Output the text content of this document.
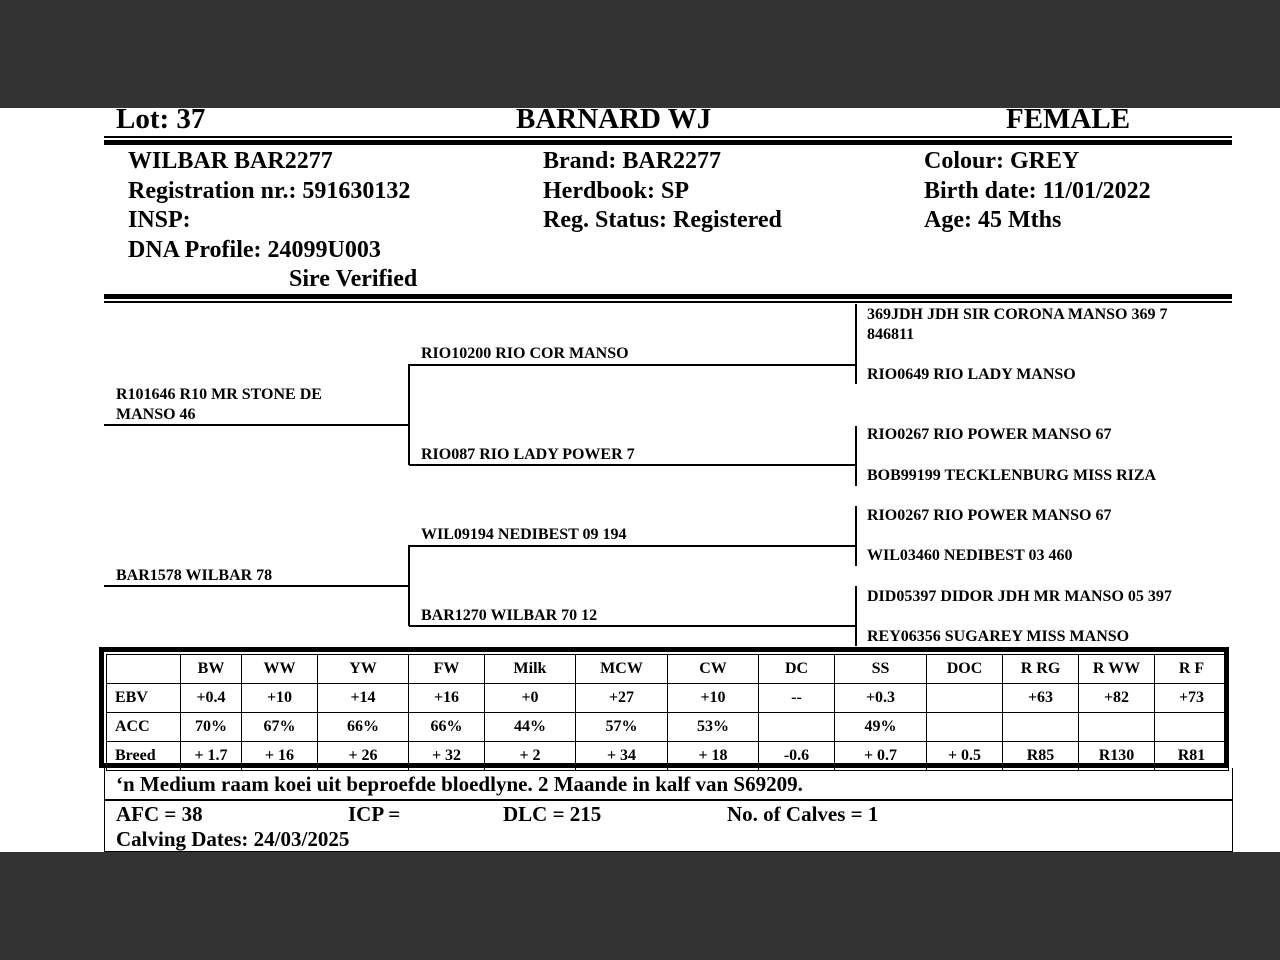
Lot: 37	BARNARD WJ	FEMALE
WILBAR BAR2277
Registration nr.: 591630132
INSP:
DNA Profile: 24099U003
Sire Verified
Brand: BAR2277
Herdbook: SP
Reg. Status: Registered
Colour: GREY
Birth date: 11/01/2022
Age: 45 Mths
R101646 R10 MR STONE DE MANSO 46
BAR1578 WILBAR 78
RIO10200 RIO COR MANSO
RIO087 RIO LADY POWER 7
WIL09194 NEDIBEST 09 194
BAR1270 WILBAR 70 12
369JDH JDH SIR CORONA MANSO 369 7 846811
RIO0649 RIO LADY MANSO
RIO0267 RIO POWER MANSO 67
BOB99199 TECKLENBURG MISS RIZA
RIO0267 RIO POWER MANSO 67
WIL03460 NEDIBEST 03 460
DID05397 DIDOR JDH MR MANSO 05 397
REY06356 SUGAREY MISS MANSO
	BW	WW	YW	FW	Milk	MCW	CW	DC	SS	DOC	R RG	R WW	R F
EBV	+0.4	+10	+14	+16	+0	+27	+10	--	+0.3		+63	+82	+73
ACC	70%	67%	66%	66%	44%	57%	53%		49%				
Breed	+ 1.7	+ 16	+ 26	+ 32	+ 2	+ 34	+ 18	-0.6	+ 0.7	+ 0.5	R85	R130	R81
‘n Medium raam koei uit beproefde bloedlyne. 2 Maande in kalf van S69209.
AFC = 38	ICP =	DLC = 215	No. of Calves = 1
Calving Dates: 24/03/2025
